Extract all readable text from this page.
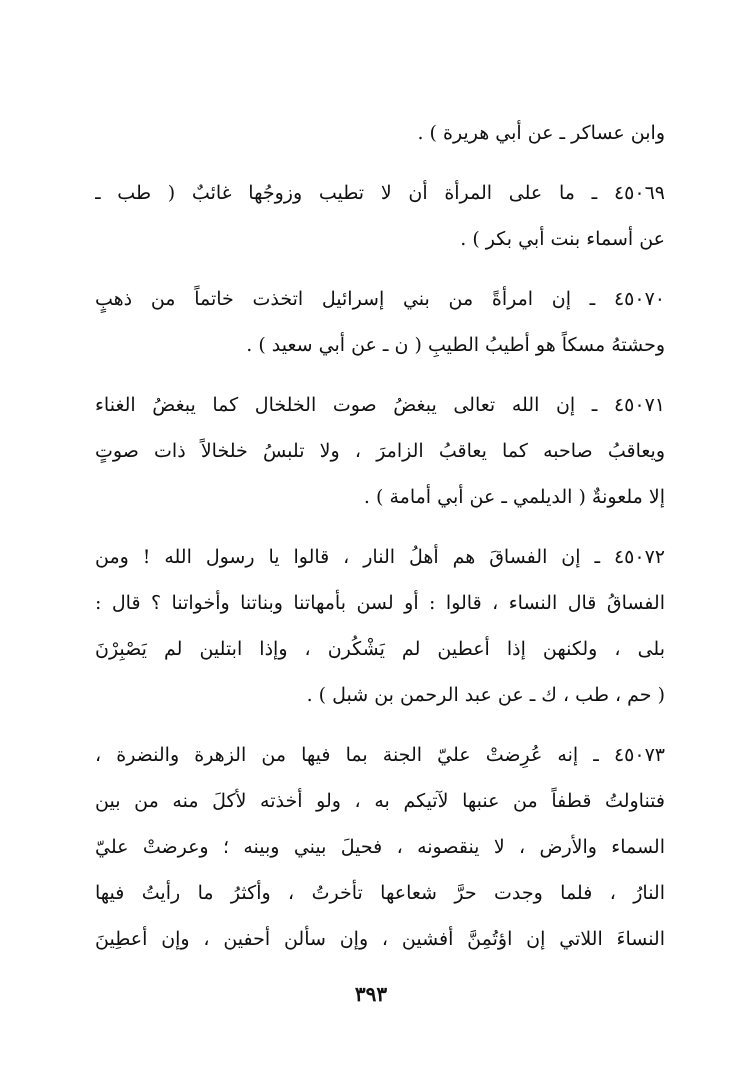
وابن عساكر ـ عن أبي هريرة ) .
٤٥٠٦٩ ـ ما على المرأة أن لا تطيب وزوجُها غائبٌ ( طب ـ
عن أسماء بنت أبي بكر ) .
٤٥٠٧٠ ـ إن امرأةً من بني إسرائيل اتخذت خاتماً من ذهبٍ
وحشتهُ مسكاً هو أطيبُ الطيبِ ( ن ـ عن أبي سعيد ) .
٤٥٠٧١ ـ إن الله تعالى يبغضُ صوت الخلخال كما يبغضُ الغناء
ويعاقبُ صاحبه كما يعاقبُ الزامرَ ، ولا تلبسُ خلخالاً ذات صوتٍ
إلا ملعونةٌ ( الديلمي ـ عن أبي أمامة ) .
٤٥٠٧٢ ـ إن الفساقَ هم أهلُ النار ، قالوا يا رسول الله ! ومن
الفساقُ قال النساء ، قالوا : أو لسن بأمهاتنا وبناتنا وأخواتنا ؟ قال :
بلى ، ولكنهن إذا أعطين لم يَشْكُرن ، وإذا ابتلين لم يَصْبِرْنَ
( حم ، طب ، ك ـ عن عبد الرحمن بن شبل ) .
٤٥٠٧٣ ـ إنه عُرِضتْ عليّ الجنة بما فيها من الزهرة والنضرة ،
فتناولتُ قطفاً من عنبها لآتيكم به ، ولو أخذته لأكلَ منه من بين
السماء والأرض ، لا ينقصونه ، فحيلَ بيني وبينه ؛ وعرضتْ عليّ
النارُ ، فلما وجدت حرَّ شعاعها تأخرتُ ، وأكثرُ ما رأيتُ فيها
النساءَ اللاتي إن اؤتُمِنَّ أفشين ، وإن سألن أحفين ، وإن أعطِينَ
٣٩٣
